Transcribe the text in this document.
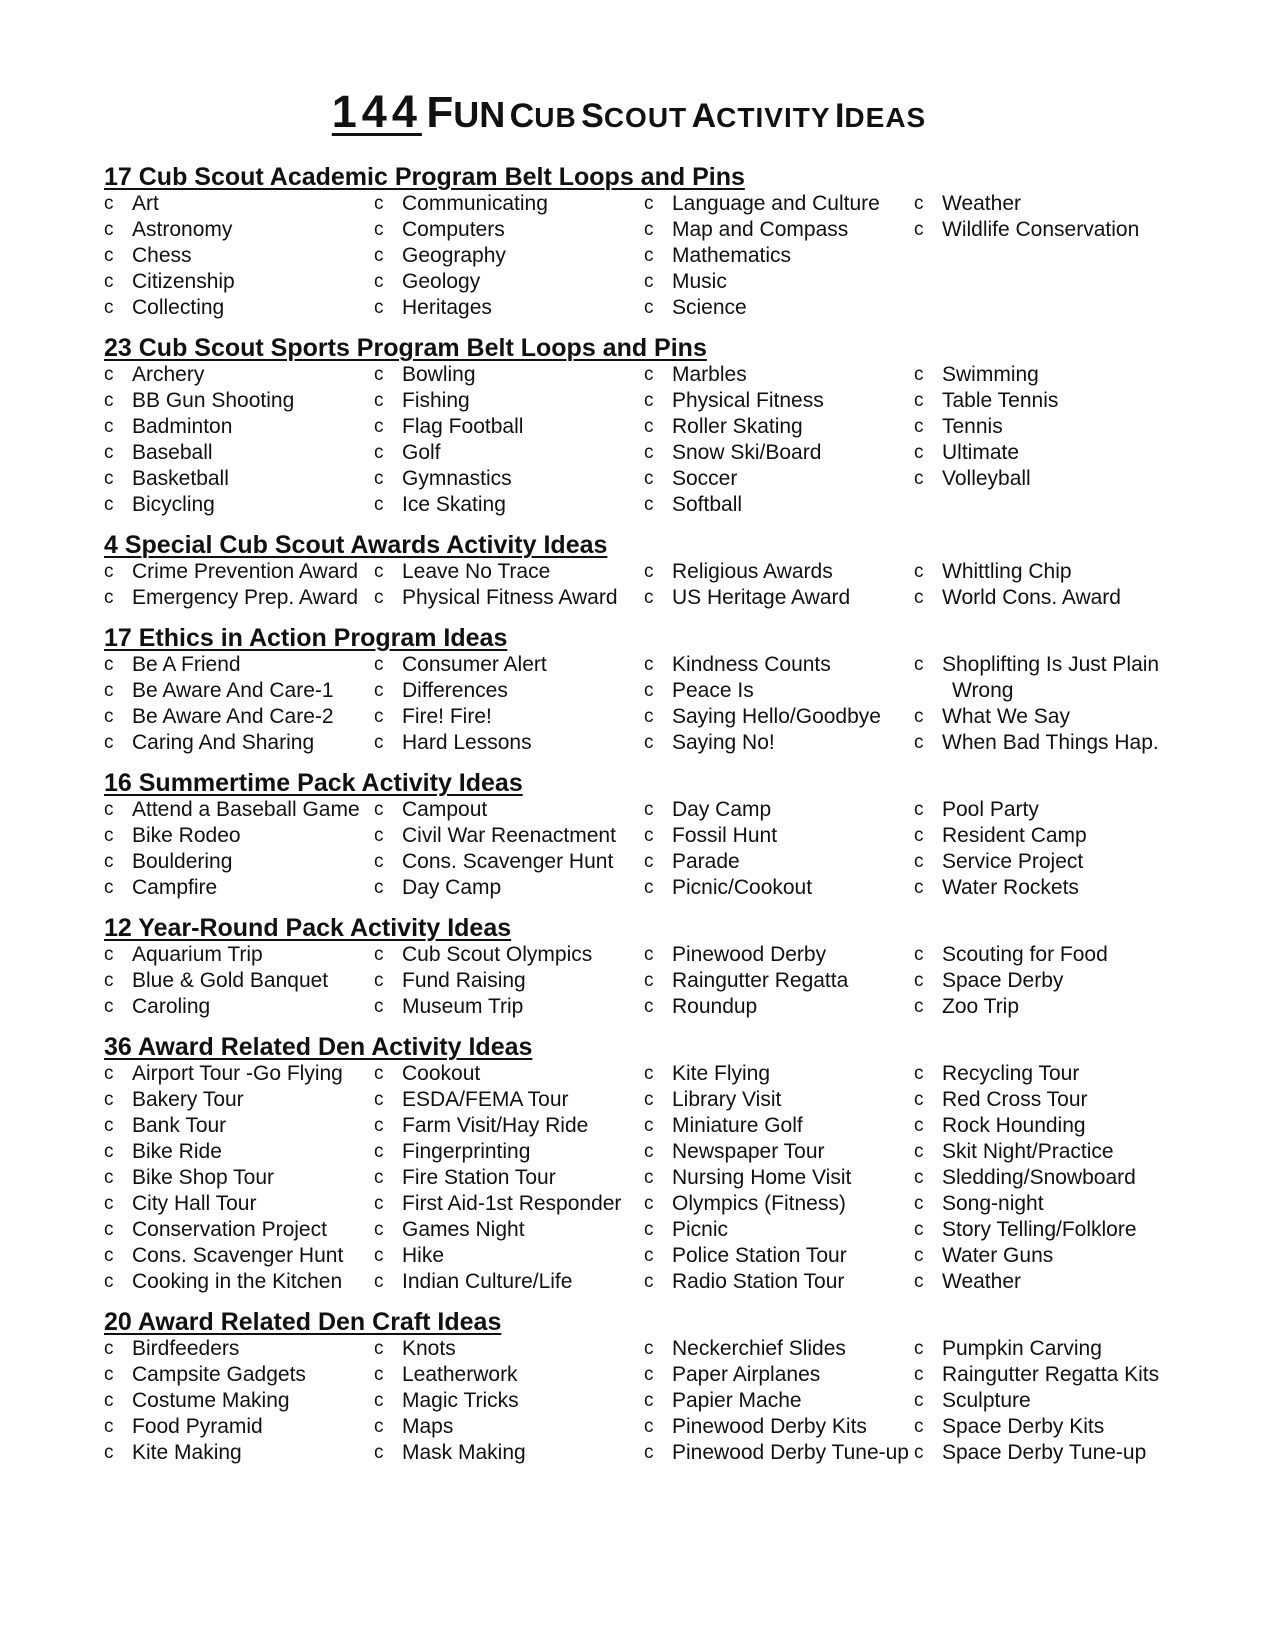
144 FUN CUB SCOUT ACTIVITY IDEAS
17 Cub Scout Academic Program Belt Loops and Pins
c Art
c Astronomy
c Chess
c Citizenship
c Collecting
c Communicating
c Computers
c Geography
c Geology
c Heritages
c Language and Culture
c Map and Compass
c Mathematics
c Music
c Science
c Weather
c Wildlife Conservation
23 Cub Scout Sports Program Belt Loops and Pins
c Archery
c BB Gun Shooting
c Badminton
c Baseball
c Basketball
c Bicycling
c Bowling
c Fishing
c Flag Football
c Golf
c Gymnastics
c Ice Skating
c Marbles
c Physical Fitness
c Roller Skating
c Snow Ski/Board
c Soccer
c Softball
c Swimming
c Table Tennis
c Tennis
c Ultimate
c Volleyball
4 Special Cub Scout Awards Activity Ideas
c Crime Prevention Award
c Emergency Prep. Award
c Leave No Trace
c Physical Fitness Award
c Religious Awards
c US Heritage Award
c Whittling Chip
c World Cons. Award
17 Ethics in Action Program Ideas
c Be A Friend
c Be Aware And Care-1
c Be Aware And Care-2
c Caring And Sharing
c Consumer Alert
c Differences
c Fire! Fire!
c Hard Lessons
c Kindness Counts
c Peace Is
c Saying Hello/Goodbye
c Saying No!
c Shoplifting Is Just Plain
Wrong
c What We Say
c When Bad Things Hap.
16 Summertime Pack Activity Ideas
c Attend a Baseball Game
c Bike Rodeo
c Bouldering
c Campfire
c Campout
c Civil War Reenactment
c Cons. Scavenger Hunt
c Day Camp
c Day Camp
c Fossil Hunt
c Parade
c Picnic/Cookout
c Pool Party
c Resident Camp
c Service Project
c Water Rockets
12 Year-Round Pack Activity Ideas
c Aquarium Trip
c Blue & Gold Banquet
c Caroling
c Cub Scout Olympics
c Fund Raising
c Museum Trip
c Pinewood Derby
c Raingutter Regatta
c Roundup
c Scouting for Food
c Space Derby
c Zoo Trip
36 Award Related Den Activity Ideas
c Airport Tour -Go Flying
c Bakery Tour
c Bank Tour
c Bike Ride
c Bike Shop Tour
c City Hall Tour
c Conservation Project
c Cons. Scavenger Hunt
c Cooking in the Kitchen
c Cookout
c ESDA/FEMA Tour
c Farm Visit/Hay Ride
c Fingerprinting
c Fire Station Tour
c First Aid-1st Responder
c Games Night
c Hike
c Indian Culture/Life
c Kite Flying
c Library Visit
c Miniature Golf
c Newspaper Tour
c Nursing Home Visit
c Olympics (Fitness)
c Picnic
c Police Station Tour
c Radio Station Tour
c Recycling Tour
c Red Cross Tour
c Rock Hounding
c Skit Night/Practice
c Sledding/Snowboard
c Song-night
c Story Telling/Folklore
c Water Guns
c Weather
20 Award Related Den Craft Ideas
c Birdfeeders
c Campsite Gadgets
c Costume Making
c Food Pyramid
c Kite Making
c Knots
c Leatherwork
c Magic Tricks
c Maps
c Mask Making
c Neckerchief Slides
c Paper Airplanes
c Papier Mache
c Pinewood Derby Kits
c Pinewood Derby Tune-up
c Pumpkin Carving
c Raingutter Regatta Kits
c Sculpture
c Space Derby Kits
c Space Derby Tune-up
